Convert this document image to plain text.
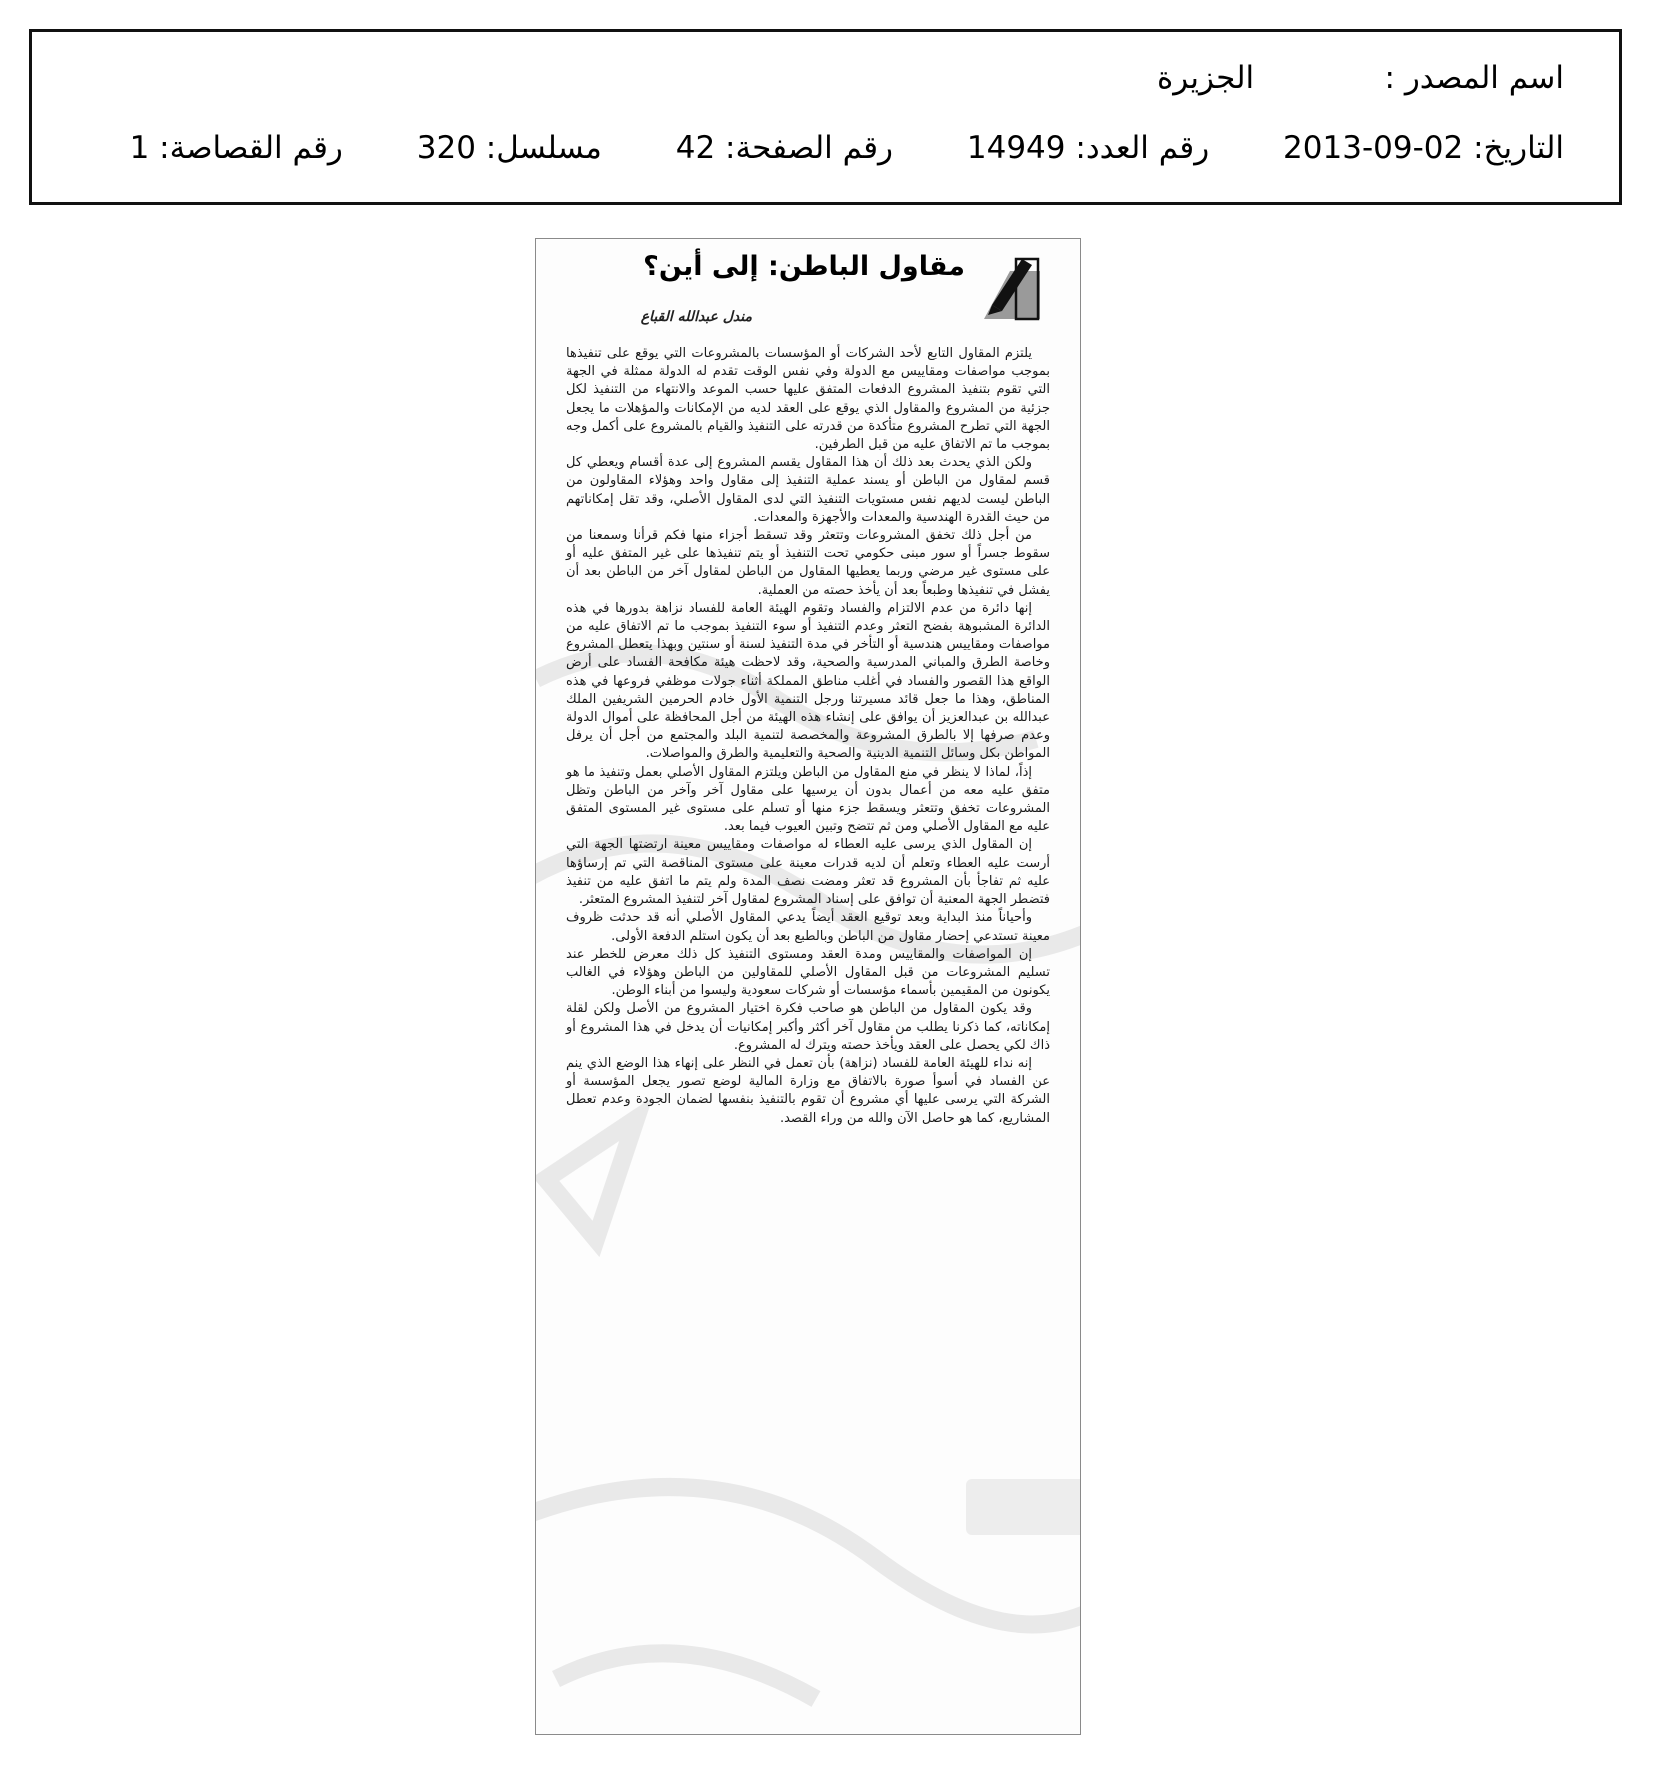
اسم المصدر : الجزيرة
التاريخ: 02-09-2013 رقم العدد: 14949 رقم الصفحة: 42 مسلسل: 320 رقم القصاصة: 1
مقاول الباطن: إلى أين؟
مندل عبدالله القباع

يلتزم المقاول التابع لأحد الشركات أو المؤسسات بالمشروعات التي يوقع على تنفيذها بموجب مواصفات ومقاييس مع الدولة وفي نفس الوقت تقدم له الدولة ممثلة في الجهة التي تقوم بتنفيذ المشروع الدفعات المتفق عليها حسب الموعد والانتهاء من التنفيذ لكل جزئية من المشروع والمقاول الذي يوقع على العقد لديه من الإمكانات والمؤهلات ما يجعل الجهة التي تطرح المشروع متأكدة من قدرته على التنفيذ والقيام بالمشروع على أكمل وجه بموجب ما تم الاتفاق عليه من قبل الطرفين.

ولكن الذي يحدث بعد ذلك أن هذا المقاول يقسم المشروع إلى عدة أقسام ويعطي كل قسم لمقاول من الباطن أو يسند عملية التنفيذ إلى مقاول واحد وهؤلاء المقاولون من الباطن ليست لديهم نفس مستويات التنفيذ التي لدى المقاول الأصلي، وقد تقل إمكاناتهم من حيث القدرة الهندسية والمعدات والأجهزة والمعدات.

من أجل ذلك تخفق المشروعات وتتعثر وقد تسقط أجزاء منها فكم قرأنا وسمعنا من سقوط جسراً أو سور مبنى حكومي تحت التنفيذ أو يتم تنفيذها على غير المتفق عليه أو على مستوى غير مرضي وربما يعطيها المقاول من الباطن لمقاول آخر من الباطن بعد أن يفشل في تنفيذها وطبعاً بعد أن يأخذ حصته من العملية.

إنها دائرة من عدم الالتزام والفساد وتقوم الهيئة العامة للفساد نزاهة بدورها في هذه الدائرة المشبوهة بفضح التعثر وعدم التنفيذ أو سوء التنفيذ بموجب ما تم الاتفاق عليه من مواصفات ومقاييس هندسية أو التأخر في مدة التنفيذ لسنة أو سنتين وبهذا يتعطل المشروع وخاصة الطرق والمباني المدرسية والصحية، وقد لاحظت هيئة مكافحة الفساد على أرض الواقع هذا القصور والفساد في أغلب مناطق المملكة أثناء جولات موظفي فروعها في هذه المناطق، وهذا ما جعل قائد مسيرتنا ورجل التنمية الأول خادم الحرمين الشريفين الملك عبدالله بن عبدالعزيز أن يوافق على إنشاء هذه الهيئة من أجل المحافظة على أموال الدولة وعدم صرفها إلا بالطرق المشروعة والمخصصة لتنمية البلد والمجتمع من أجل أن يرفل المواطن بكل وسائل التنمية الدينية والصحية والتعليمية والطرق والمواصلات.

إذاً، لماذا لا ينظر في منع المقاول من الباطن ويلتزم المقاول الأصلي بعمل وتنفيذ ما هو متفق عليه معه من أعمال بدون أن يرسيها على مقاول آخر وآخر من الباطن وتظل المشروعات تخفق وتتعثر ويسقط جزء منها أو تسلم على مستوى غير المستوى المتفق عليه مع المقاول الأصلي ومن ثم تتضح وتبين العيوب فيما بعد.

إن المقاول الذي يرسى عليه العطاء له مواصفات ومقاييس معينة ارتضتها الجهة التي أرست عليه العطاء وتعلم أن لديه قدرات معينة على مستوى المناقصة التي تم إرساؤها عليه ثم تفاجأ بأن المشروع قد تعثر ومضت نصف المدة ولم يتم ما اتفق عليه من تنفيذ فتضطر الجهة المعنية أن توافق على إسناد المشروع لمقاول آخر لتنفيذ المشروع المتعثر.

وأحياناً منذ البداية وبعد توقيع العقد أيضاً يدعي المقاول الأصلي أنه قد حدثت ظروف معينة تستدعي إحضار مقاول من الباطن وبالطبع بعد أن يكون استلم الدفعة الأولى.

إن المواصفات والمقاييس ومدة العقد ومستوى التنفيذ كل ذلك معرض للخطر عند تسليم المشروعات من قبل المقاول الأصلي للمقاولين من الباطن وهؤلاء في الغالب يكونون من المقيمين بأسماء مؤسسات أو شركات سعودية وليسوا من أبناء الوطن.

وقد يكون المقاول من الباطن هو صاحب فكرة اختيار المشروع من الأصل ولكن لقلة إمكاناته، كما ذكرنا يطلب من مقاول آخر أكثر وأكبر إمكانيات أن يدخل في هذا المشروع أو ذاك لكي يحصل على العقد ويأخذ حصته ويترك له المشروع.

إنه نداء للهيئة العامة للفساد (نزاهة) بأن تعمل في النظر على إنهاء هذا الوضع الذي ينم عن الفساد في أسوأ صورة بالاتفاق مع وزارة المالية لوضع تصور يجعل المؤسسة أو الشركة التي يرسى عليها أي مشروع أن تقوم بالتنفيذ بنفسها لضمان الجودة وعدم تعطل المشاريع، كما هو حاصل الآن والله من وراء القصد.
